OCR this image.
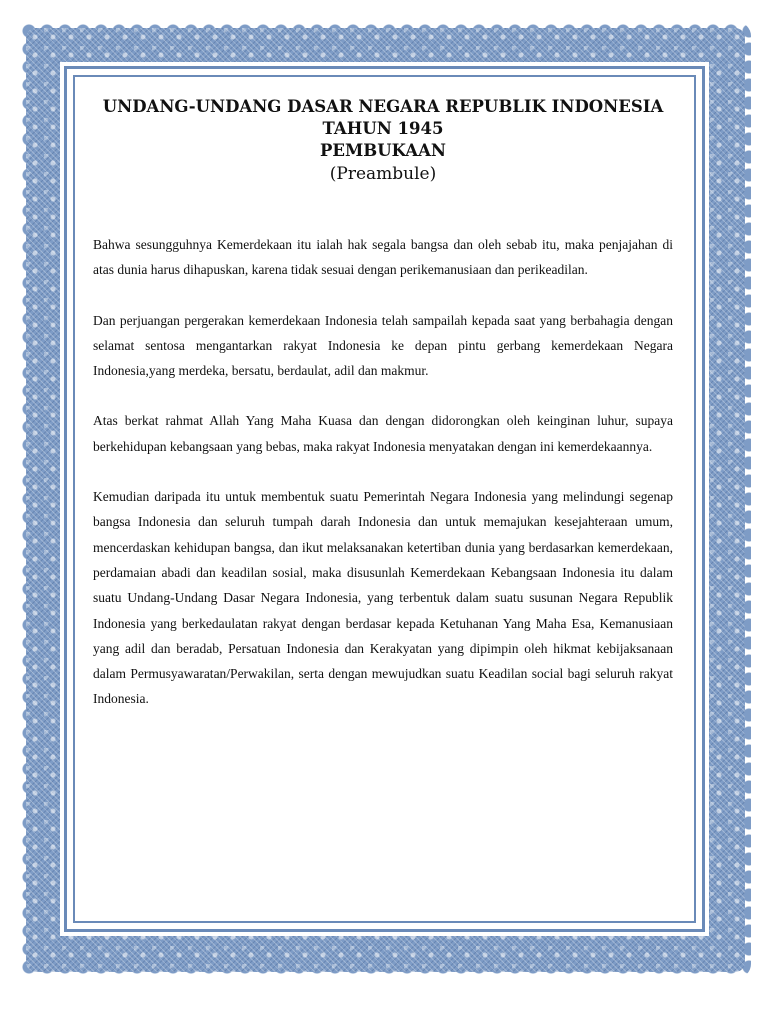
UNDANG-UNDANG DASAR NEGARA REPUBLIK INDONESIA
TAHUN 1945
PEMBUKAAN
(Preambule)

Bahwa sesungguhnya Kemerdekaan itu ialah hak segala bangsa dan oleh sebab itu, maka penjajahan di atas dunia harus dihapuskan, karena tidak sesuai dengan perikemanusiaan dan perikeadilan.

Dan perjuangan pergerakan kemerdekaan Indonesia telah sampailah kepada saat yang berbahagia dengan selamat sentosa mengantarkan rakyat Indonesia ke depan pintu gerbang kemerdekaan Negara Indonesia,yang merdeka, bersatu, berdaulat, adil dan makmur.

Atas berkat rahmat Allah Yang Maha Kuasa dan dengan didorongkan oleh keinginan luhur, supaya berkehidupan kebangsaan yang bebas, maka rakyat Indonesia menyatakan dengan ini kemerdekaannya.

Kemudian daripada itu untuk membentuk suatu Pemerintah Negara Indonesia yang melindungi segenap bangsa Indonesia dan seluruh tumpah darah Indonesia dan untuk memajukan kesejahteraan umum, mencerdaskan kehidupan bangsa, dan ikut melaksanakan ketertiban dunia yang berdasarkan kemerdekaan, perdamaian abadi dan keadilan sosial, maka disusunlah Kemerdekaan Kebangsaan Indonesia itu dalam suatu Undang-Undang Dasar Negara Indonesia, yang terbentuk dalam suatu susunan Negara Republik Indonesia yang berkedaulatan rakyat dengan berdasar kepada Ketuhanan Yang Maha Esa, Kemanusiaan yang adil dan beradab, Persatuan Indonesia dan Kerakyatan yang dipimpin oleh hikmat kebijaksanaan dalam Permusyawaratan/Perwakilan, serta dengan mewujudkan suatu Keadilan social bagi seluruh rakyat Indonesia.
